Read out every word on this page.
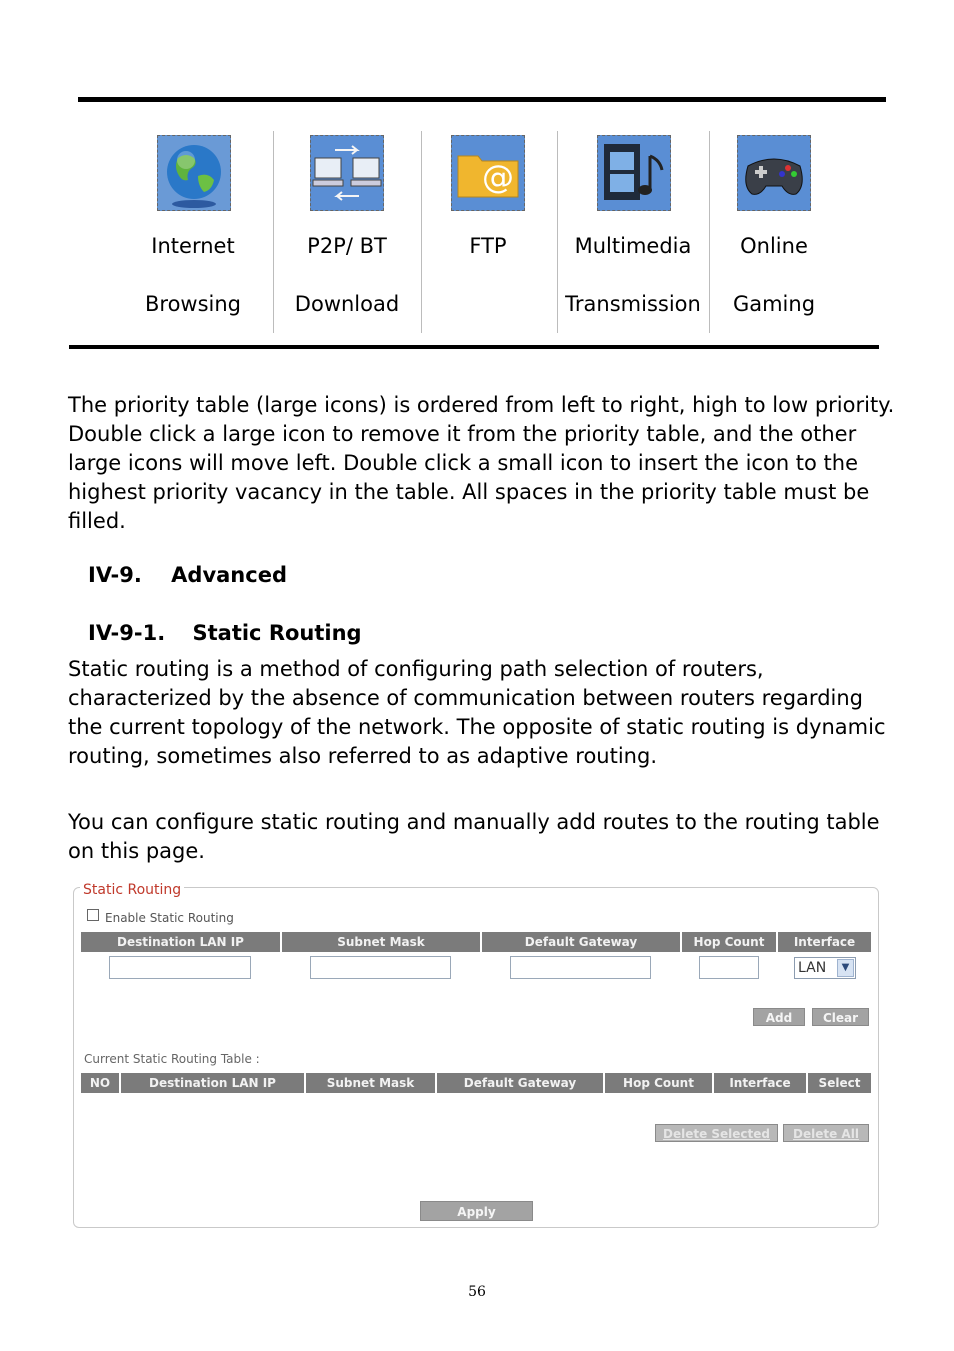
@
Internet
Browsing
P2P/ BT
Download
FTP	Multimedia
Transmission
Online
Gaming
The priority table (large icons) is ordered from left to right, high to low priority. Double click a large icon to remove it from the priority table, and the other large icons will move left. Double click a small icon to insert the icon to the highest priority vacancy in the table. All spaces in the priority table must be filled.
IV-9. Advanced
IV-9-1. Static Routing
Static routing is a method of configuring path selection of routers, characterized by the absence of communication between routers regarding the current topology of the network. The opposite of static routing is dynamic routing, sometimes also referred to as adaptive routing.
You can configure static routing and manually add routes to the routing table on this page.
Static Routing
Enable Static Routing
Destination LAN IP	Subnet Mask	Default Gateway	Hop Count	Interface
LAN	▼
Add	Clear
Current Static Routing Table :
NO	Destination LAN IP	Subnet Mask	Default Gateway	Hop Count	Interface	Select
Delete Selected	Delete All
Apply
56
